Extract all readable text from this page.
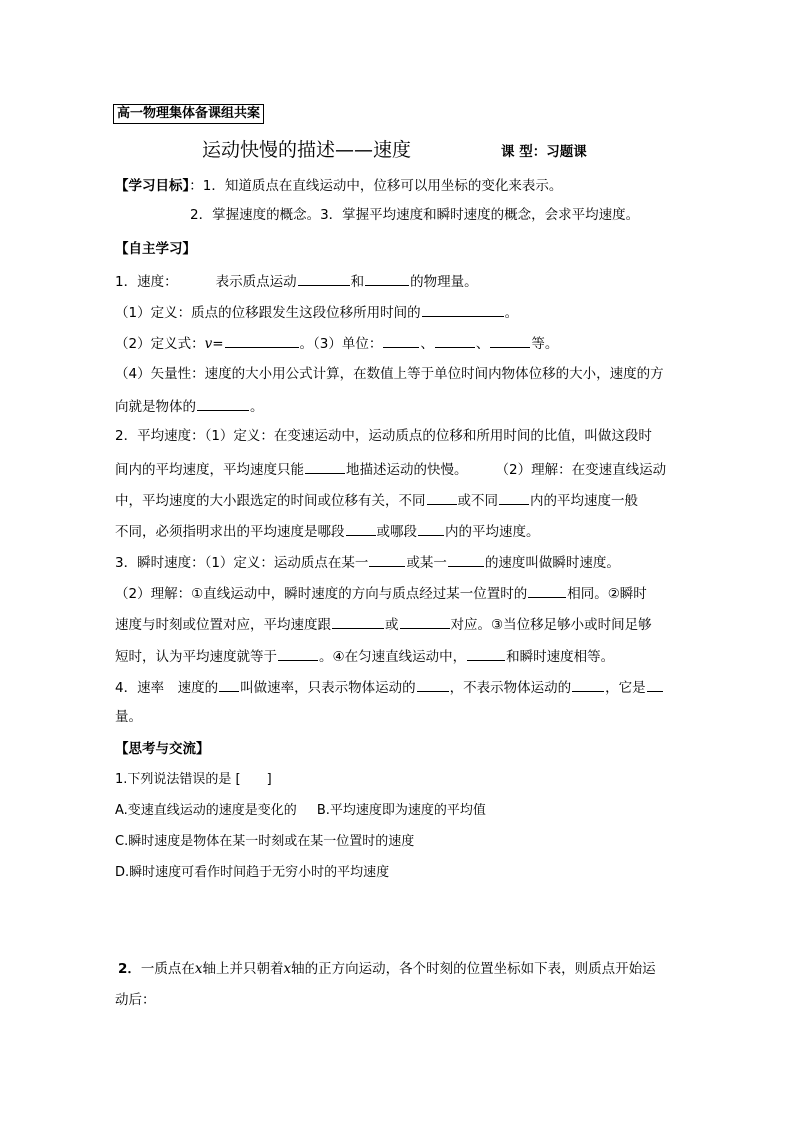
高一物理集体备课组共案
运动快慢的描述——速度	课 型：习题课
【学习目标】：1．知道质点在直线运动中，位移可以用坐标的变化来表示。
2．掌握速度的概念。3．掌握平均速度和瞬时速度的概念，会求平均速度。
【自主学习】
1．速度：	表示质点运动	和	的物理量。
（1）定义：质点的位移跟发生这段位移所用时间的	。
（2）定义式：v=	。（3）单位：	、	、	等。
（4）矢量性：速度的大小用公式计算，在数值上等于单位时间内物体位移的大小，速度的方
向就是物体的	。
2．平均速度：（1）定义：在变速运动中，运动质点的位移和所用时间的比值，叫做这段时
间内的平均速度，平均速度只能	地描述运动的快慢。 （2）理解：在变速直线运动
中，平均速度的大小跟选定的时间或位移有关，不同 或不同 内的平均速度一般
不同，必须指明求出的平均速度是哪段 或哪段 内的平均速度。
3．瞬时速度：（1）定义：运动质点在某一	或某一	的速度叫做瞬时速度。
（2）理解：①直线运动中，瞬时速度的方向与质点经过某一位置时的	相同。②瞬时
速度与时刻或位置对应，平均速度跟	或	对应。③当位移足够小或时间足够
短时，认为平均速度就等于	。④在匀速直线运动中，	和瞬时速度相等。
4．速率　速度的 叫做速率，只表示物体运动的	，不表示物体运动的	，它是
量。
【思考与交流】
1.下列说法错误的是 [　　]
A.变速直线运动的速度是变化的 B.平均速度即为速度的平均值
C.瞬时速度是物体在某一时刻或在某一位置时的速度
D.瞬时速度可看作时间趋于无穷小时的平均速度
2．一质点在x轴上并只朝着x轴的正方向运动，各个时刻的位置坐标如下表，则质点开始运
动后：
